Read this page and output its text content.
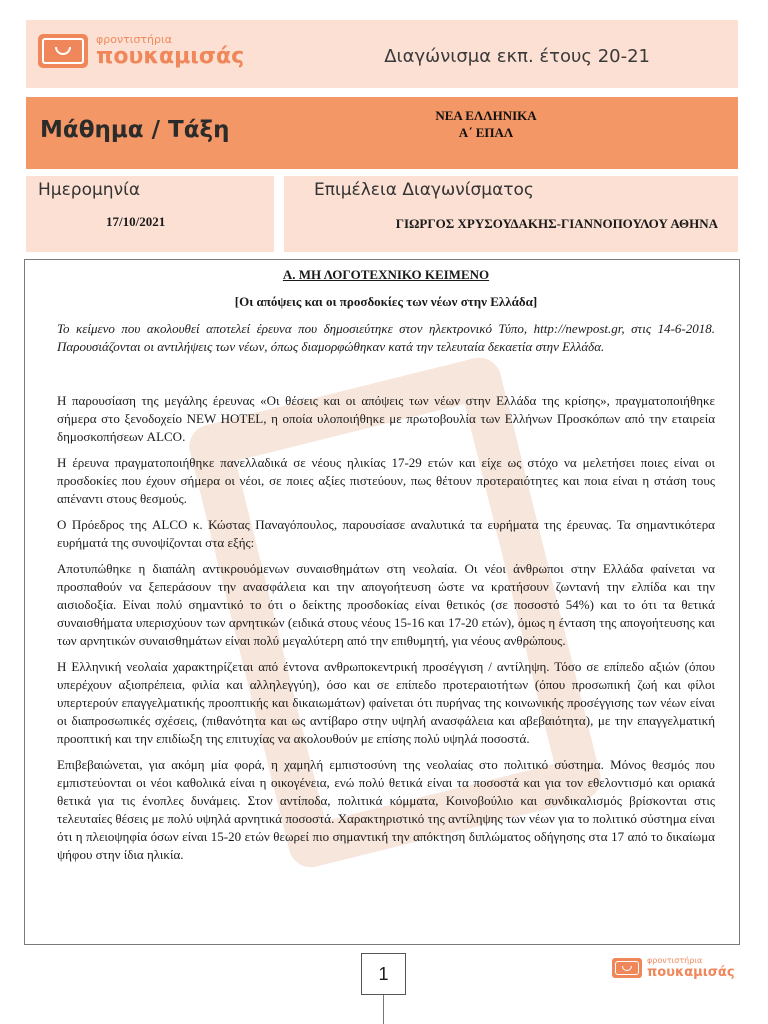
φροντιστήρια
πουκαμισάς	Διαγώνισμα εκπ. έτους 20-21
Μάθημα / Τάξη
ΝΕΑ ΕΛΛΗΝΙΚΑ
Α΄ ΕΠΑΛ
Ημερομηνία
17/10/2021
Επιμέλεια Διαγωνίσματος
ΓΙΩΡΓΟΣ ΧΡΥΣΟΥΔΑΚΗΣ-ΓΙΑΝΝΟΠΟΥΛΟΥ ΑΘΗΝΑ
Α. ΜΗ ΛΟΓΟΤΕΧΝΙΚΟ ΚΕΙΜΕΝΟ
[Οι απόψεις και οι προσδοκίες των νέων στην Ελλάδα]

Το κείμενο που ακολουθεί αποτελεί έρευνα που δημοσιεύτηκε στον ηλεκτρονικό Τύπο, http://newpost.gr, στις 14-6-2018. Παρουσιάζονται οι αντιλήψεις των νέων, όπως διαμορφώθηκαν κατά την τελευταία δεκαετία στην Ελλάδα.

Η παρουσίαση της μεγάλης έρευνας «Οι θέσεις και οι απόψεις των νέων στην Ελλάδα της κρίσης», πραγματοποιήθηκε σήμερα στο ξενοδοχείο NEW HOTEL, η οποία υλοποιήθηκε με πρωτοβουλία των Ελλήνων Προσκόπων από την εταιρεία δημοσκοπήσεων ALCO.

Η έρευνα πραγματοποιήθηκε πανελλαδικά σε νέους ηλικίας 17-29 ετών και είχε ως στόχο να μελετήσει ποιες είναι οι προσδοκίες που έχουν σήμερα οι νέοι, σε ποιες αξίες πιστεύουν, πως θέτουν προτεραιότητες και ποια είναι η στάση τους απέναντι στους θεσμούς.

Ο Πρόεδρος της ALCO κ. Κώστας Παναγόπουλος, παρουσίασε αναλυτικά τα ευρήματα της έρευνας. Τα σημαντικότερα ευρήματά της συνοψίζονται στα εξής:

Αποτυπώθηκε η διαπάλη αντικρουόμενων συναισθημάτων στη νεολαία. Οι νέοι άνθρωποι στην Ελλάδα φαίνεται να προσπαθούν να ξεπεράσουν την ανασφάλεια και την απογοήτευση ώστε να κρατήσουν ζωντανή την ελπίδα και την αισιοδοξία. Είναι πολύ σημαντικό το ότι ο δείκτης προσδοκίας είναι θετικός (σε ποσοστό 54%) και το ότι τα θετικά συναισθήματα υπερισχύουν των αρνητικών (ειδικά στους νέους 15-16 και 17-20 ετών), όμως η ένταση της απογοήτευσης και των αρνητικών συναισθημάτων είναι πολύ μεγαλύτερη από την επιθυμητή, για νέους ανθρώπους.

Η Ελληνική νεολαία χαρακτηρίζεται από έντονα ανθρωποκεντρική προσέγγιση / αντίληψη. Τόσο σε επίπεδο αξιών (όπου υπερέχουν αξιοπρέπεια, φιλία και αλληλεγγύη), όσο και σε επίπεδο προτεραιοτήτων (όπου προσωπική ζωή και φίλοι υπερτερούν επαγγελματικής προοπτικής και δικαιωμάτων) φαίνεται ότι πυρήνας της κοινωνικής προσέγγισης των νέων είναι οι διαπροσωπικές σχέσεις, (πιθανότητα και ως αντίβαρο στην υψηλή ανασφάλεια και αβεβαιότητα), με την επαγγελματική προοπτική και την επιδίωξη της επιτυχίας να ακολουθούν με επίσης πολύ υψηλά ποσοστά.

Επιβεβαιώνεται, για ακόμη μία φορά, η χαμηλή εμπιστοσύνη της νεολαίας στο πολιτικό σύστημα. Μόνος θεσμός που εμπιστεύονται οι νέοι καθολικά είναι η οικογένεια, ενώ πολύ θετικά είναι τα ποσοστά και για τον εθελοντισμό και οριακά θετικά για τις ένοπλες δυνάμεις. Στον αντίποδα, πολιτικά κόμματα, Κοινοβούλιο και συνδικαλισμός βρίσκονται στις τελευταίες θέσεις με πολύ υψηλά αρνητικά ποσοστά. Χαρακτηριστικό της αντίληψης των νέων για το πολιτικό σύστημα είναι ότι η πλειοψηφία όσων είναι 15-20 ετών θεωρεί πιο σημαντική την απόκτηση διπλώματος οδήγησης στα 17 από το δικαίωμα ψήφου στην ίδια ηλικία.

1
φροντιστήρια
πουκαμισάς
